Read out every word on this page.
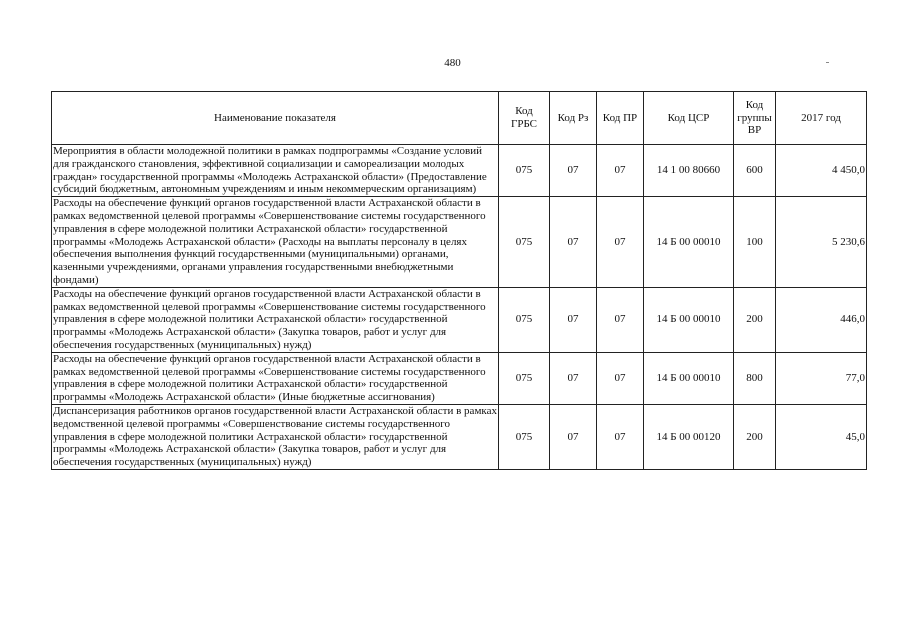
480
Наименование показателя	Код ГРБС	Код Рз	Код ПР	Код ЦСР	Код группы ВР	2017 год
Мероприятия в области молодежной политики в рамках подпрограммы «Создание условий для гражданского становления, эффективной социализации и самореализации молодых граждан» государственной программы «Молодежь Астраханской области» (Предоставление субсидий бюджетным, автономным учреждениям и иным некоммерческим организациям)	075	07	07	14 1 00 80660	600	4 450,0
Расходы на обеспечение функций органов государственной власти Астраханской области в рамках ведомственной целевой программы «Совершенствование системы государственного управления в сфере молодежной политики Астраханской области» государственной программы «Молодежь Астраханской области» (Расходы на выплаты персоналу в целях обеспечения выполнения функций государственными (муниципальными) органами, казенными учреждениями, органами управления государственными внебюджетными фондами)	075	07	07	14 Б 00 00010	100	5 230,6
Расходы на обеспечение функций органов государственной власти Астраханской области в рамках ведомственной целевой программы «Совершенствование системы государственного управления в сфере молодежной политики Астраханской области» государственной программы «Молодежь Астраханской области» (Закупка товаров, работ и услуг для обеспечения государственных (муниципальных) нужд)	075	07	07	14 Б 00 00010	200	446,0
Расходы на обеспечение функций органов государственной власти Астраханской области в рамках ведомственной целевой программы «Совершенствование системы государственного управления в сфере молодежной политики Астраханской области» государственной программы «Молодежь Астраханской области» (Иные бюджетные ассигнования)	075	07	07	14 Б 00 00010	800	77,0
Диспансеризация работников органов государственной власти Астраханской области в рамках ведомственной целевой программы «Совершенствование системы государственного управления в сфере молодежной политики Астраханской области» государственной программы «Молодежь Астраханской области» (Закупка товаров, работ и услуг для обеспечения государственных (муниципальных) нужд)	075	07	07	14 Б 00 00120	200	45,0
